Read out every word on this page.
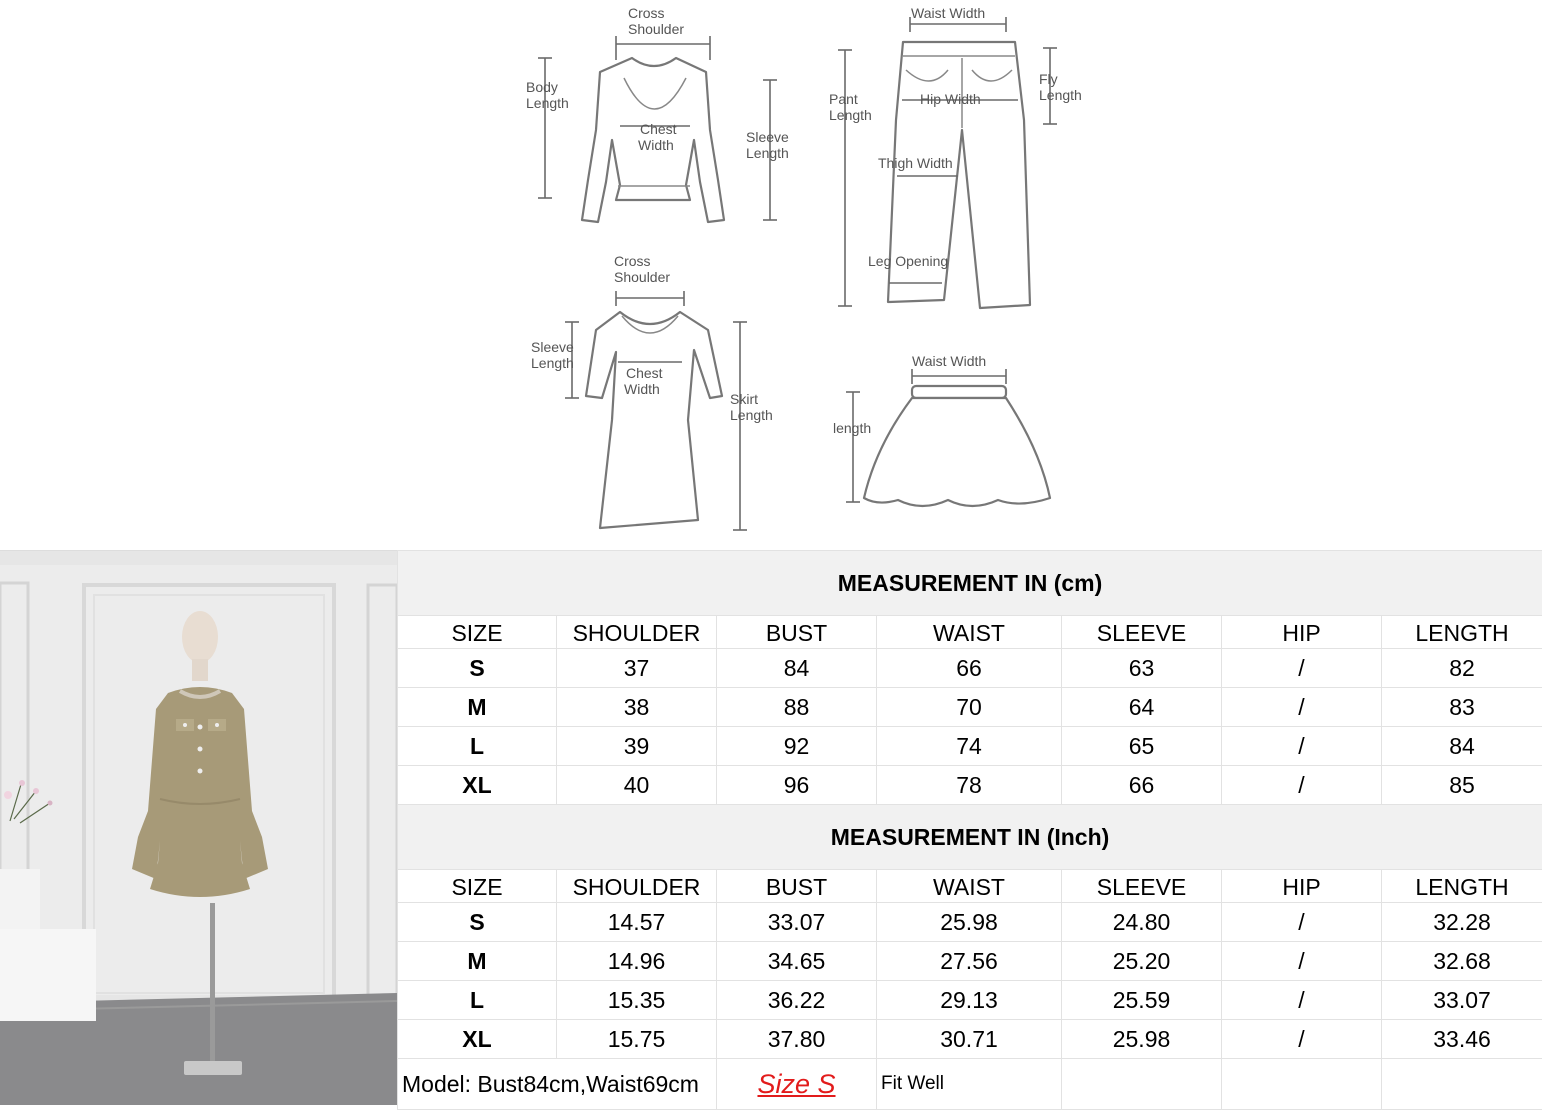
Cross
Shoulder
Body
Length
Chest
Width	Sleeve
Length
Waist Width
Pant
Length
Hip Width
Fly
Length
Thigh Width
Leg Opening
Cross
Shoulder
Sleeve
Length
Chest
Width
Skirt
Length
Waist Width
length
MEASUREMENT IN (cm)						
SIZE	SHOULDER	BUST	WAIST	SLEEVE	HIP	LENGTH
S	37	84	66	63	/	82
M	38	88	70	64	/	83
L	39	92	74	65	/	84
XL	40	96	78	66	/	85
MEASUREMENT IN (Inch)						
SIZE	SHOULDER	BUST	WAIST	SLEEVE	HIP	LENGTH
S	14.57	33.07	25.98	24.80	/	32.28
M	14.96	34.65	27.56	25.20	/	32.68
L	15.35	36.22	29.13	25.59	/	33.07
XL	15.75	37.80	30.71	25.98	/	33.46
Model: Bust84cm,Waist69cm		Size S	Fit Well			
